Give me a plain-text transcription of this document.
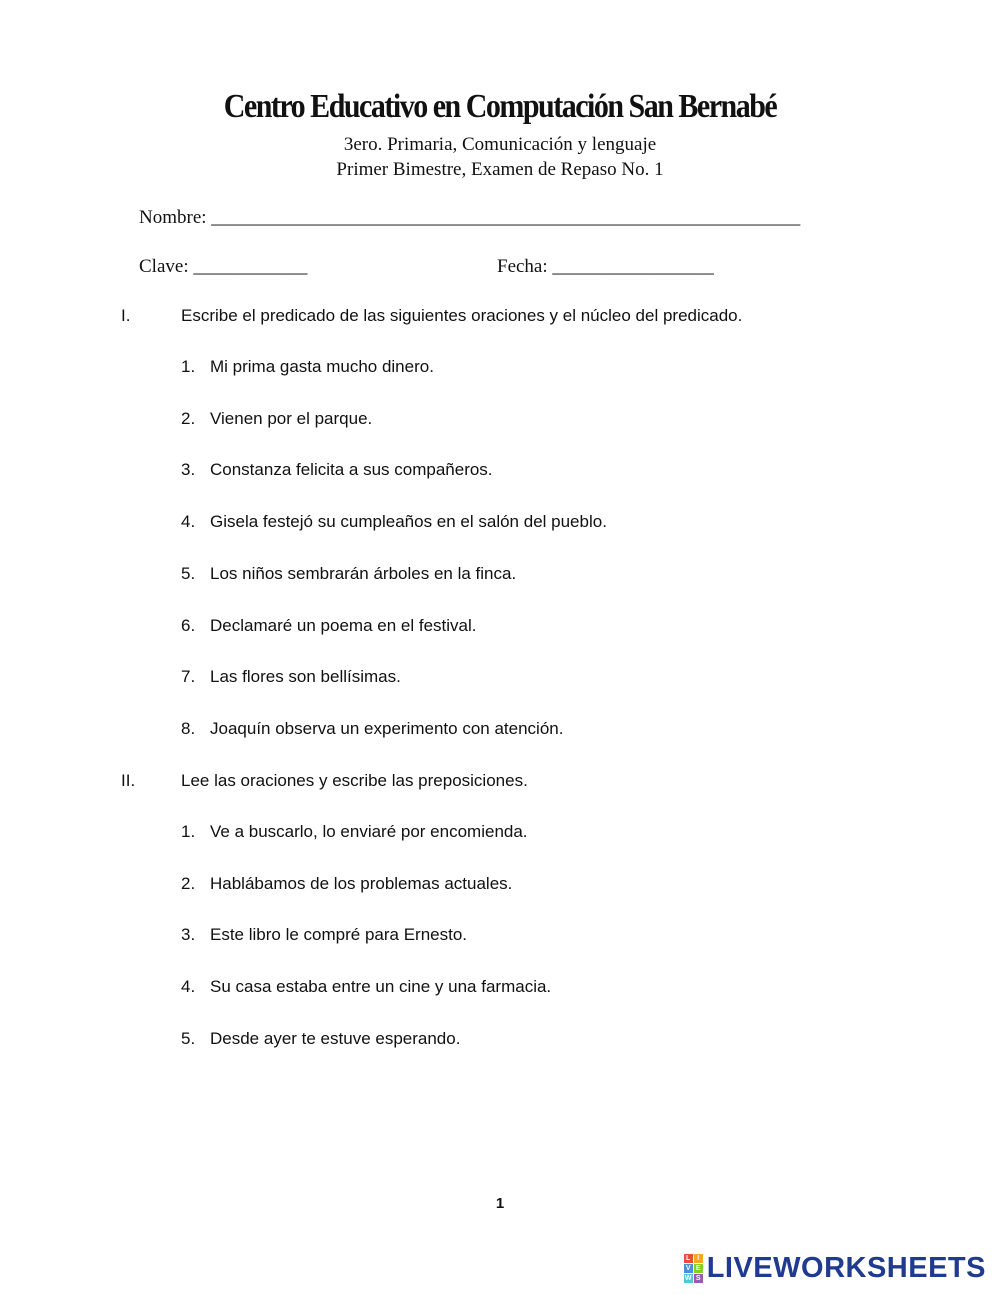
Centro Educativo en Computación San Bernabé
3ero. Primaria, Comunicación y lenguaje
Primer Bimestre, Examen de Repaso No. 1
Nombre: ______________________________________________________________
Clave: ____________	Fecha: _________________
I.	Escribe el predicado de las siguientes oraciones y el núcleo del predicado.
1. Mi prima gasta mucho dinero.
2. Vienen por el parque.
3. Constanza felicita a sus compañeros.
4. Gisela festejó su cumpleaños en el salón del pueblo.
5. Los niños sembrarán árboles en la finca.
6. Declamaré un poema en el festival.
7. Las flores son bellísimas.
8. Joaquín observa un experimento con atención.
II.	Lee las oraciones y escribe las preposiciones.
1. Ve a buscarlo, lo enviaré por encomienda.
2. Hablábamos de los problemas actuales.
3. Este libro le compré para Ernesto.
4. Su casa estaba entre un cine y una farmacia.
5. Desde ayer te estuve esperando.
1
L I
V E
W S LIVEWORKSHEETS
